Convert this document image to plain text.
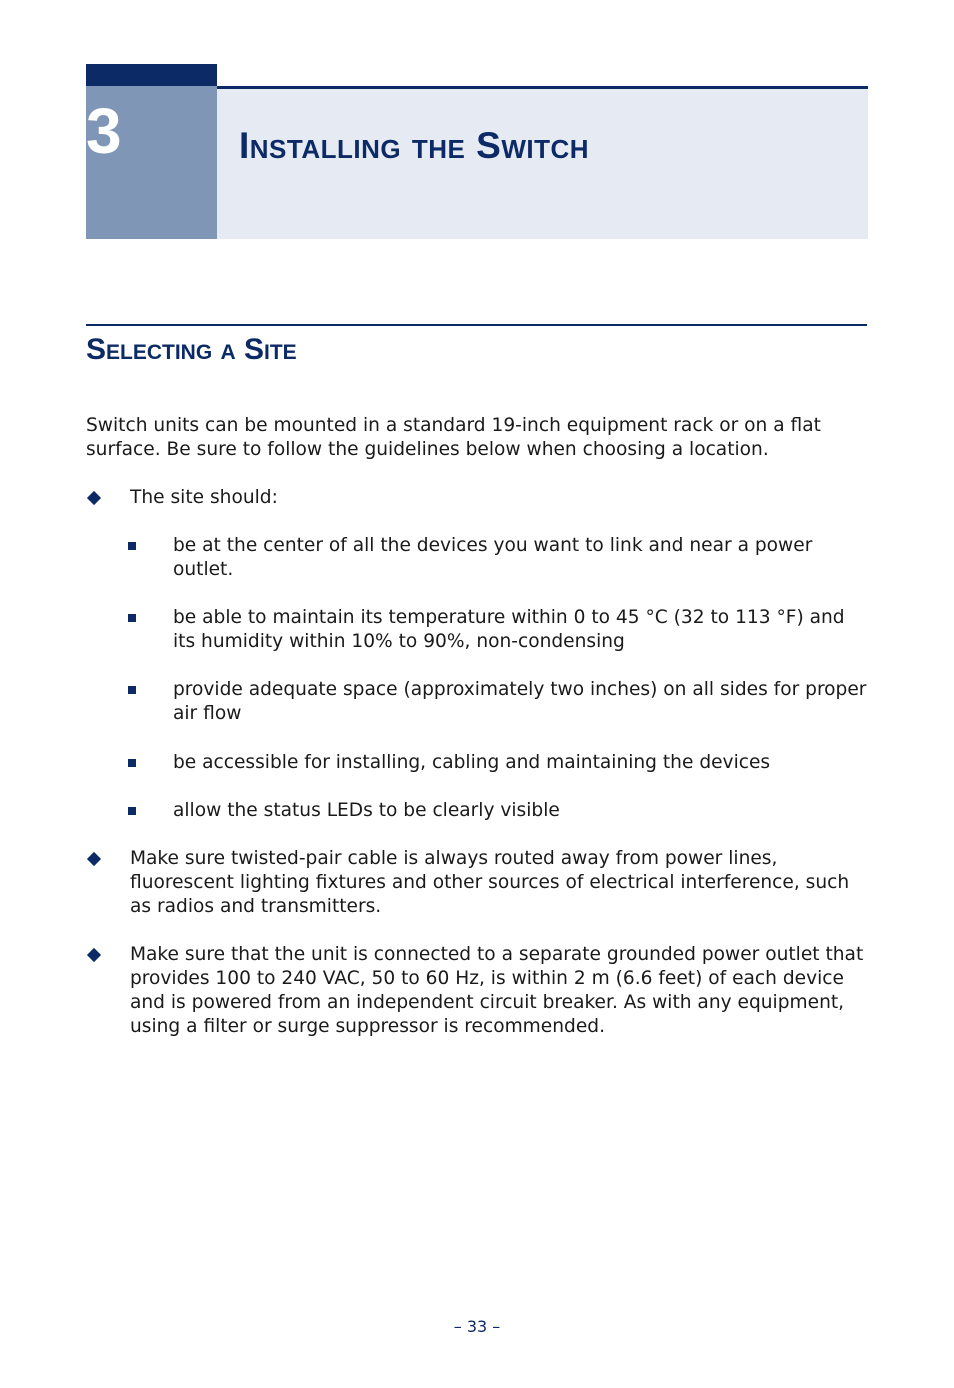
3	Installing the Switch
Selecting a Site

Switch units can be mounted in a standard 19-inch equipment rack or on a flat surface. Be sure to follow the guidelines below when choosing a location.

The site should:

be at the center of all the devices you want to link and near a power outlet.

be able to maintain its temperature within 0 to 45 °C (32 to 113 °F) and its humidity within 10% to 90%, non-condensing

provide adequate space (approximately two inches) on all sides for proper air flow

be accessible for installing, cabling and maintaining the devices

allow the status LEDs to be clearly visible

Make sure twisted-pair cable is always routed away from power lines, fluorescent lighting fixtures and other sources of electrical interference, such as radios and transmitters.

Make sure that the unit is connected to a separate grounded power outlet that provides 100 to 240 VAC, 50 to 60 Hz, is within 2 m (6.6 feet) of each device and is powered from an independent circuit breaker. As with any equipment, using a filter or surge suppressor is recommended.

– 33 –
